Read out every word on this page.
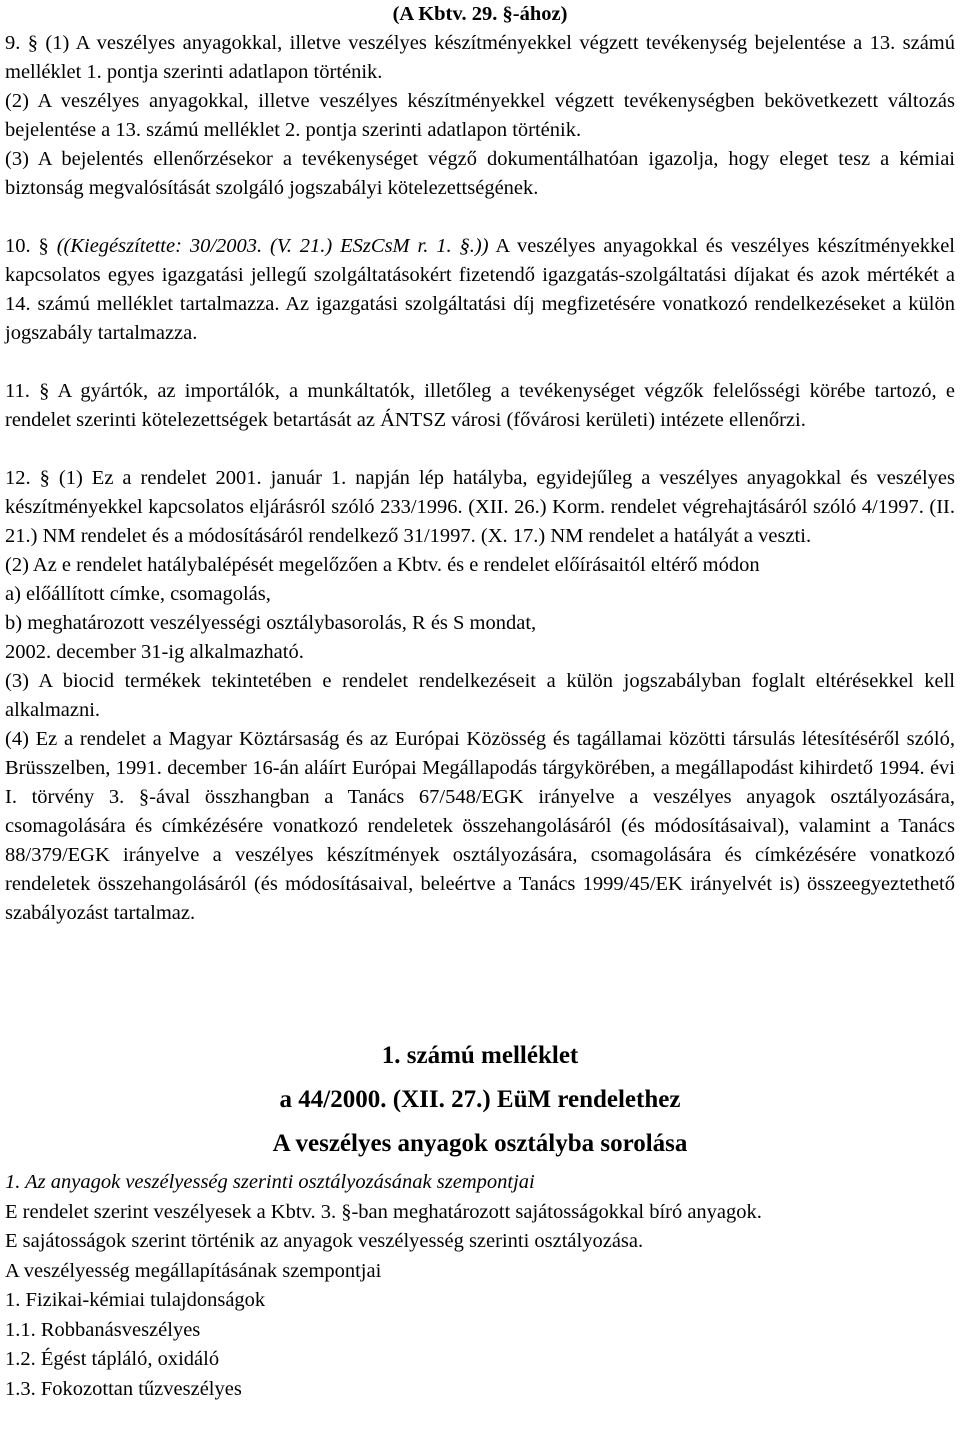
(A Kbtv. 29. §-ához)

9. § (1) A veszélyes anyagokkal, illetve veszélyes készítményekkel végzett tevékenység bejelentése a 13. számú melléklet 1. pontja szerinti adatlapon történik.

(2) A veszélyes anyagokkal, illetve veszélyes készítményekkel végzett tevékenységben bekövetkezett változás bejelentése a 13. számú melléklet 2. pontja szerinti adatlapon történik.

(3) A bejelentés ellenőrzésekor a tevékenységet végző dokumentálhatóan igazolja, hogy eleget tesz a kémiai biztonság megvalósítását szolgáló jogszabályi kötelezettségének.

10. § ((Kiegészítette: 30/2003. (V. 21.) ESzCsM r. 1. §.)) A veszélyes anyagokkal és veszélyes készítményekkel kapcsolatos egyes igazgatási jellegű szolgáltatásokért fizetendő igazgatás-szolgáltatási díjakat és azok mértékét a 14. számú melléklet tartalmazza. Az igazgatási szolgáltatási díj megfizetésére vonatkozó rendelkezéseket a külön jogszabály tartalmazza.

11. § A gyártók, az importálók, a munkáltatók, illetőleg a tevékenységet végzők felelősségi körébe tartozó, e rendelet szerinti kötelezettségek betartását az ÁNTSZ városi (fővárosi kerületi) intézete ellenőrzi.

12. § (1) Ez a rendelet 2001. január 1. napján lép hatályba, egyidejűleg a veszélyes anyagokkal és veszélyes készítményekkel kapcsolatos eljárásról szóló 233/1996. (XII. 26.) Korm. rendelet végrehajtásáról szóló 4/1997. (II. 21.) NM rendelet és a módosításáról rendelkező 31/1997. (X. 17.) NM rendelet a hatályát a veszti.

(2) Az e rendelet hatálybalépését megelőzően a Kbtv. és e rendelet előírásaitól eltérő módon

a) előállított címke, csomagolás,

b) meghatározott veszélyességi osztálybasorolás, R és S mondat,

2002. december 31-ig alkalmazható.

(3) A biocid termékek tekintetében e rendelet rendelkezéseit a külön jogszabályban foglalt eltérésekkel kell alkalmazni.

(4) Ez a rendelet a Magyar Köztársaság és az Európai Közösség és tagállamai közötti társulás létesítéséről szóló, Brüsszelben, 1991. december 16-án aláírt Európai Megállapodás tárgykörében, a megállapodást kihirdető 1994. évi I. törvény 3. §-ával összhangban a Tanács 67/548/EGK irányelve a veszélyes anyagok osztályozására, csomagolására és címkézésére vonatkozó rendeletek összehangolásáról (és módosításaival), valamint a Tanács 88/379/EGK irányelve a veszélyes készítmények osztályozására, csomagolására és címkézésére vonatkozó rendeletek összehangolásáról (és módosításaival, beleértve a Tanács 1999/45/EK irányelvét is) összeegyeztethető szabályozást tartalmaz.

1. számú melléklet

a 44/2000. (XII. 27.) EüM rendelethez

A veszélyes anyagok osztályba sorolása

1. Az anyagok veszélyesség szerinti osztályozásának szempontjai

E rendelet szerint veszélyesek a Kbtv. 3. §-ban meghatározott sajátosságokkal bíró anyagok.

E sajátosságok szerint történik az anyagok veszélyesség szerinti osztályozása.

A veszélyesség megállapításának szempontjai

1. Fizikai-kémiai tulajdonságok

1.1. Robbanásveszélyes

1.2. Égést tápláló, oxidáló

1.3. Fokozottan tűzveszélyes
